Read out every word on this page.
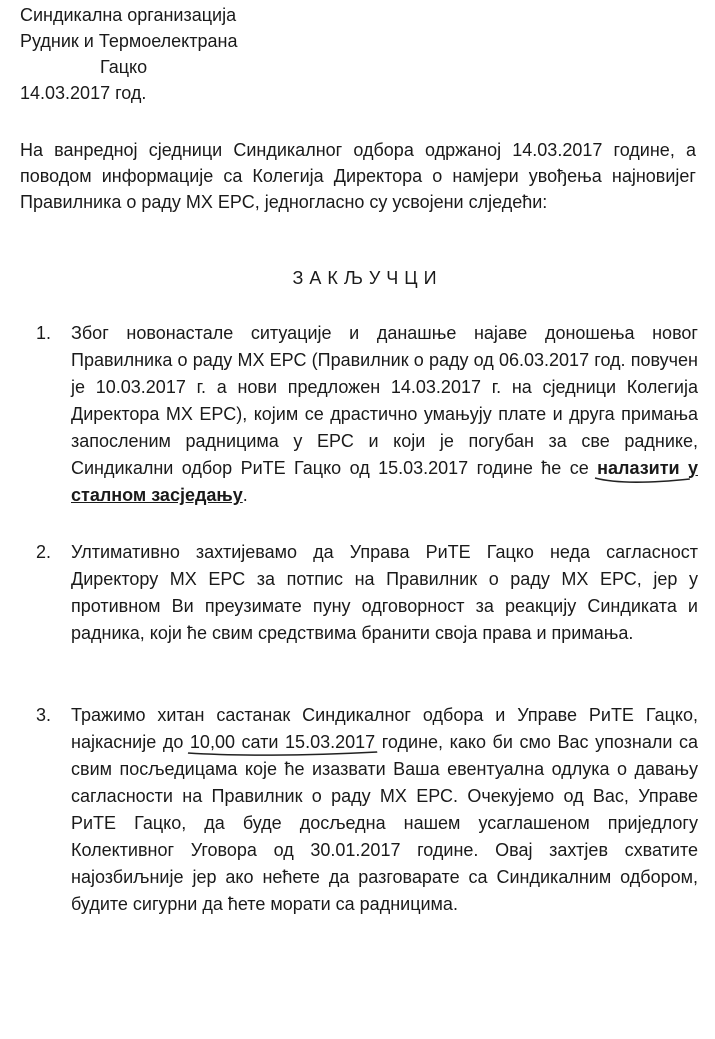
Синдикална организација
Рудник и Термоелектрана
Гацко
14.03.2017 год.
На ванредној сједници Синдикалног одбора одржаној 14.03.2017 године, а поводом информације са Колегија Директора о намјери увођења најновијег Правилника о раду МХ ЕРС, једногласно су усвојени слједећи:
ЗАКЉУЧЦИ
1.	Због новонастале ситуације и данашње најаве доношења новог Правилника о раду МХ ЕРС (Правилник о раду од 06.03.2017 год. повучен је 10.03.2017 г. а нови предложен 14.03.2017 г. на сједници Колегија Директора МХ ЕРС), којим се драстично умањују плате и друга примања запосленим радницима у ЕРС и који је погубан за све раднике, Синдикални одбор РиТЕ Гацко од 15.03.2017 године ће се налазити
у сталном засједању.
2.	Ултимативно захтијевамо да Управа РиТЕ Гацко неда сагласност Директору МХ ЕРС за потпис на Правилник о раду МХ ЕРС, јер у противном Ви преузимате пуну одговорност за реакцију Синдиката и радника, који ће свим средствима бранити своја права и примања.
3.	Тражимо хитан састанак Синдикалног одбора и Управе РиТЕ Гацко, најкасније до 10,00 сати 15.03.2017
године, како би смо Вас упознали са свим посљедицама које ће изазвати Ваша евентуална одлука о давању сагласности на Правилник о раду МХ ЕРС. Очекујемо од Вас, Управе РиТЕ Гацко, да буде досљедна нашем усаглашеном приједлогу Колективног Уговора од 30.01.2017 године. Овај захтјев схватите најозбиљније јер ако нећете да разговарате са Синдикалним одбором, будите сигурни да ћете морати са радницима.
